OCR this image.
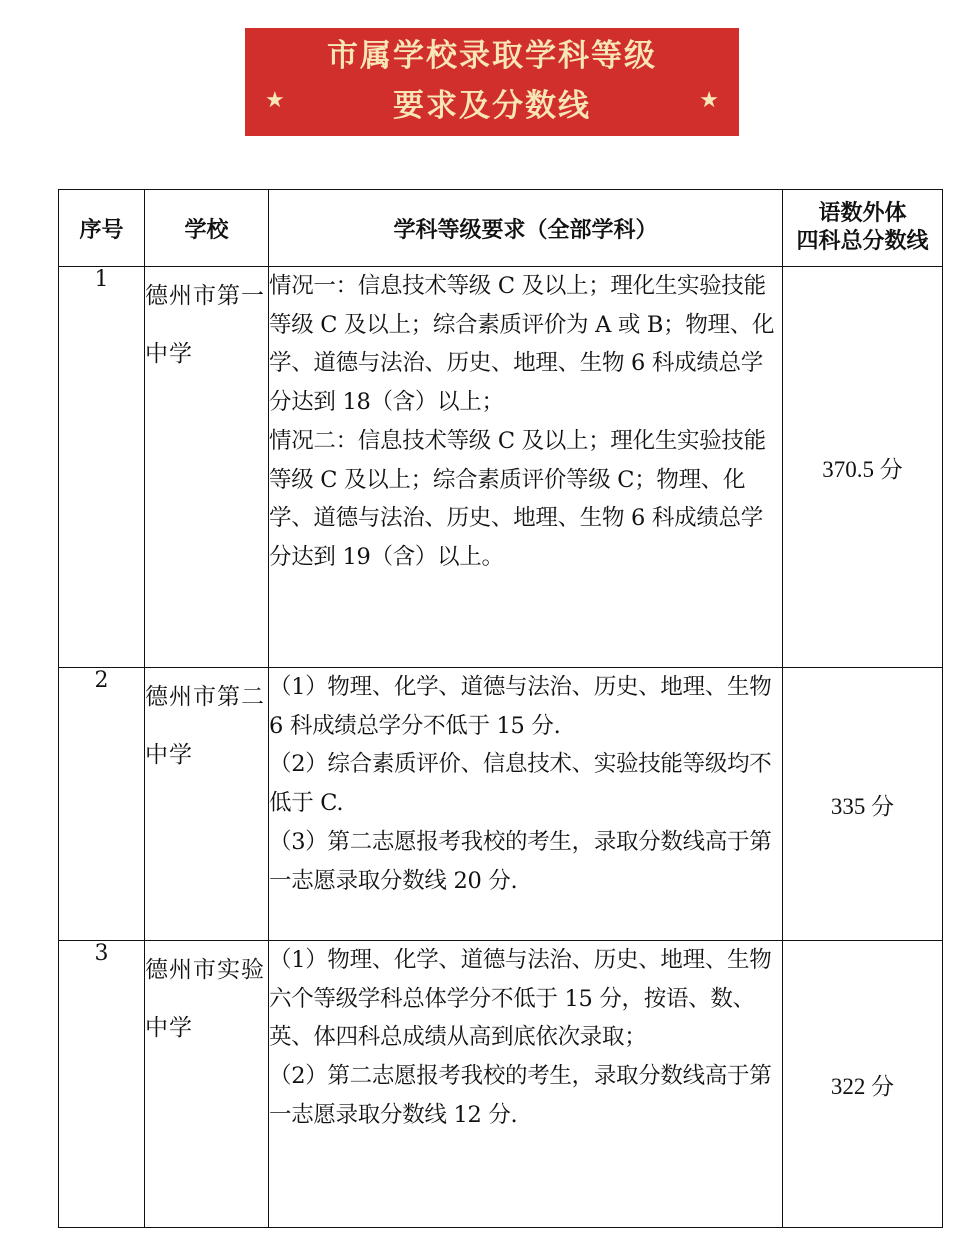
★
市属学校录取学科等级
要求及分数线	★
序号	学校	学科等级要求（全部学科）	语数外体
四科总分数线

1	德州市第一中学	情况一：信息技术等级 C 及以上；理化生实验技能等级 C 及以上；综合素质评价为 A 或 B；物理、化学、道德与法治、历史、地理、生物 6 科成绩总学分达到 18（含）以上；

情况二：信息技术等级 C 及以上；理化生实验技能等级 C 及以上；综合素质评价等级 C；物理、化学、道德与法治、历史、地理、生物 6 科成绩总学分达到 19（含）以上。	370.5 分
2	德州市第二中学	（1）物理、化学、道德与法治、历史、地理、生物 6 科成绩总学分不低于 15 分.

（2）综合素质评价、信息技术、实验技能等级均不低于 C.

（3）第二志愿报考我校的考生，录取分数线高于第一志愿录取分数线 20 分.	335 分
3	德州市实验中学	（1）物理、化学、道德与法治、历史、地理、生物六个等级学科总体学分不低于 15 分，按语、数、英、体四科总成绩从高到底依次录取；

（2）第二志愿报考我校的考生，录取分数线高于第一志愿录取分数线 12 分.	322 分
